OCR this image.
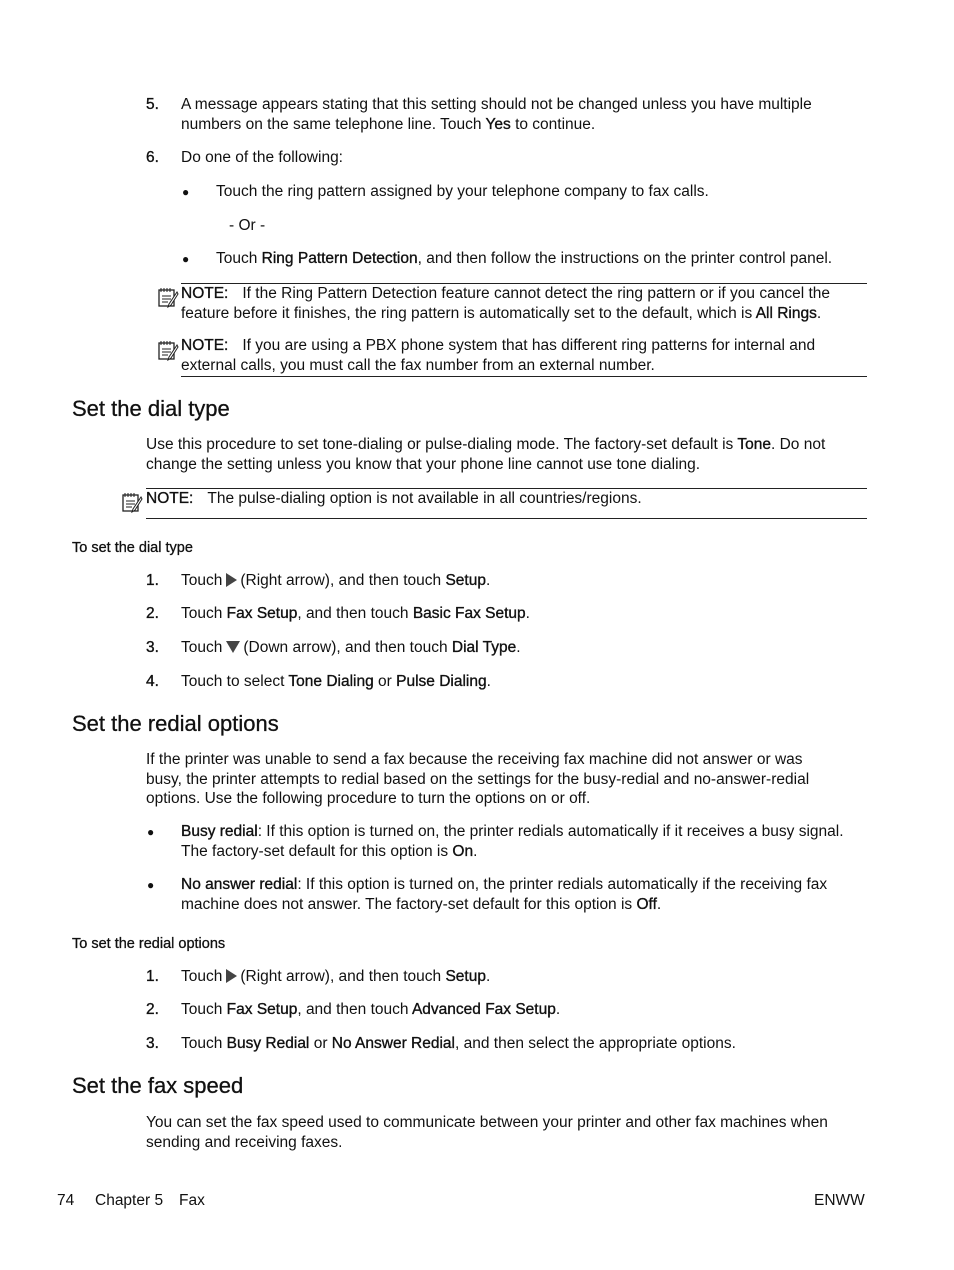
5. A message appears stating that this setting should not be changed unless you have multiple
numbers on the same telephone line. Touch Yes to continue.
6. Do one of the following:
● Touch the ring pattern assigned by your telephone company to fax calls.
- Or -
● Touch Ring Pattern Detection, and then follow the instructions on the printer control panel.
NOTE: If the Ring Pattern Detection feature cannot detect the ring pattern or if you cancel the
feature before it finishes, the ring pattern is automatically set to the default, which is All Rings.
NOTE: If you are using a PBX phone system that has different ring patterns for internal and
external calls, you must call the fax number from an external number.
Set the dial type
Use this procedure to set tone-dialing or pulse-dialing mode. The factory-set default is Tone. Do not
change the setting unless you know that your phone line cannot use tone dialing.
NOTE: The pulse-dialing option is not available in all countries/regions.
To set the dial type
1. Touch (Right arrow), and then touch Setup.
2. Touch Fax Setup, and then touch Basic Fax Setup.
3. Touch (Down arrow), and then touch Dial Type.
4. Touch to select Tone Dialing or Pulse Dialing.
Set the redial options
If the printer was unable to send a fax because the receiving fax machine did not answer or was
busy, the printer attempts to redial based on the settings for the busy-redial and no-answer-redial
options. Use the following procedure to turn the options on or off.
● Busy redial: If this option is turned on, the printer redials automatically if it receives a busy signal.
The factory-set default for this option is On.
● No answer redial: If this option is turned on, the printer redials automatically if the receiving fax
machine does not answer. The factory-set default for this option is Off.
To set the redial options
1. Touch (Right arrow), and then touch Setup.
2. Touch Fax Setup, and then touch Advanced Fax Setup.
3. Touch Busy Redial or No Answer Redial, and then select the appropriate options.
Set the fax speed
You can set the fax speed used to communicate between your printer and other fax machines when
sending and receiving faxes.
74 Chapter 5 Fax	ENWW
